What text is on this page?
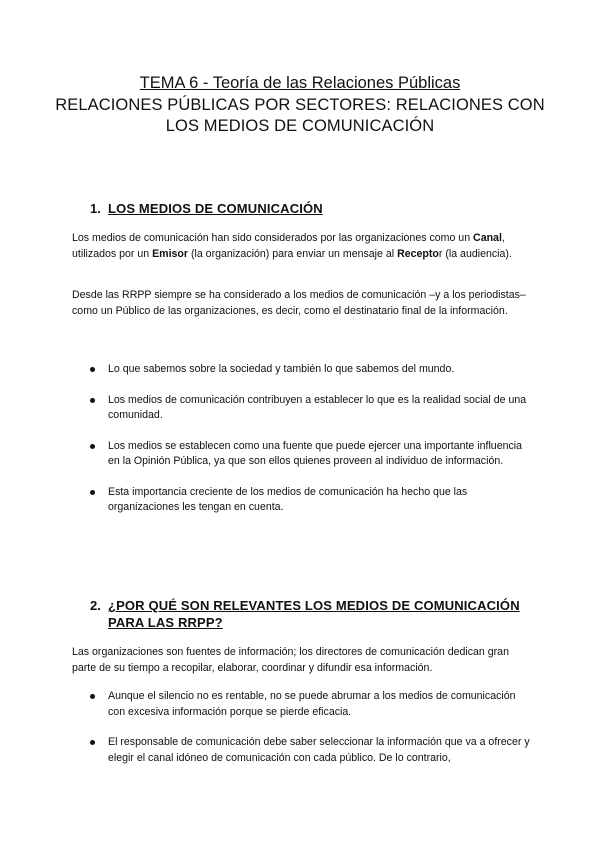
TEMA 6 - Teoría de las Relaciones Públicas
RELACIONES PÚBLICAS POR SECTORES: RELACIONES CON LOS MEDIOS DE COMUNICACIÓN
1. LOS MEDIOS DE COMUNICACIÓN

Los medios de comunicación han sido considerados por las organizaciones como un Canal, utilizados por un Emisor (la organización) para enviar un mensaje al Receptor (la audiencia).

Desde las RRPP siempre se ha considerado a los medios de comunicación –y a los periodistas– como un Público de las organizaciones, es decir, como el destinatario final de la información.

Lo que sabemos sobre la sociedad y también lo que sabemos del mundo.
Los medios de comunicación contribuyen a establecer lo que es la realidad social de una comunidad.
Los medios se establecen como una fuente que puede ejercer una importante influencia en la Opinión Pública, ya que son ellos quienes proveen al individuo de información.
Esta importancia creciente de los medios de comunicación ha hecho que las organizaciones les tengan en cuenta.
2. ¿POR QUÉ SON RELEVANTES LOS MEDIOS DE COMUNICACIÓN PARA LAS RRPP?

Las organizaciones son fuentes de información; los directores de comunicación dedican gran parte de su tiempo a recopilar, elaborar, coordinar y difundir esa información.

Aunque el silencio no es rentable, no se puede abrumar a los medios de comunicación con excesiva información porque se pierde eficacia.
El responsable de comunicación debe saber seleccionar la información que va a ofrecer y elegir el canal idóneo de comunicación con cada público. De lo contrario,
